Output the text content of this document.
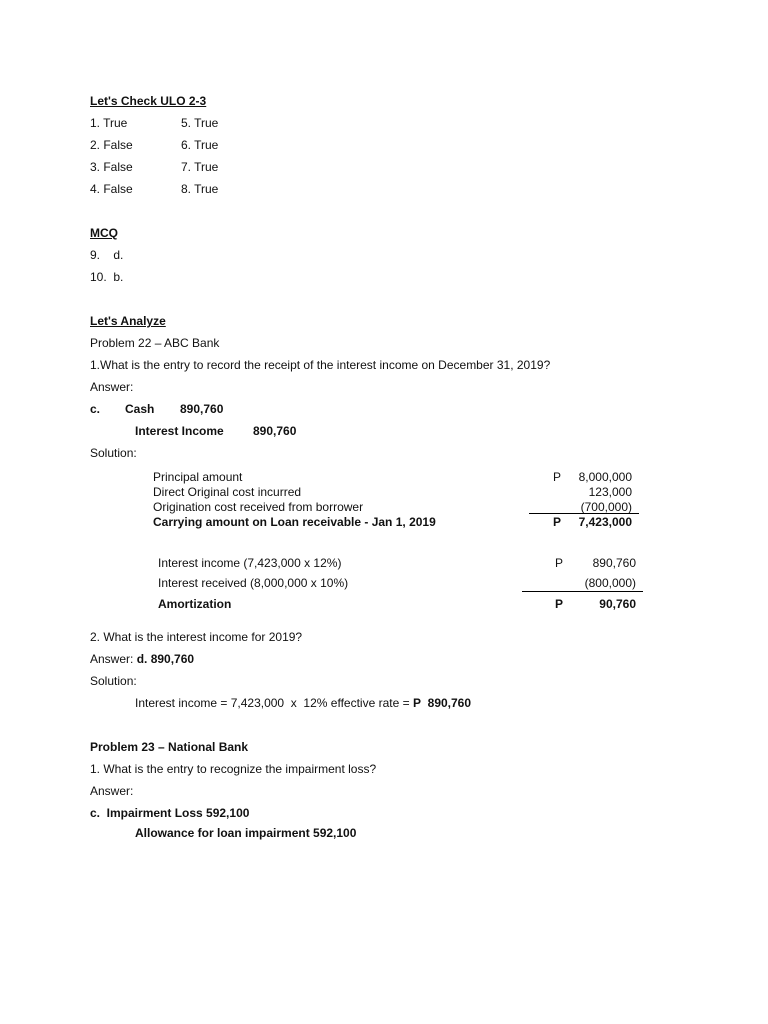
Let's Check ULO 2-3
1. True
2. False
3. False
4. False
5. True
6. True
7. True
8. True
MCQ
9.    d.
10.  b.
Let's Analyze
Problem 22 – ABC Bank
1.What is the entry to record the receipt of the interest income on December 31, 2019?
Answer:
c. Cash 890,760
Interest Income 890,760
Solution:
Principal amount	P	8,000,000
Direct Original cost incurred	123,000
Origination cost received from borrower	(700,000)
Carrying amount on Loan receivable - Jan 1, 2019	P	7,423,000
Interest income (7,423,000 x 12%)	P	890,760
Interest received (8,000,000 x 10%)	(800,000)
Amortization	P	90,760
2. What is the interest income for 2019?
Answer: d. 890,760
Solution:
Interest income = 7,423,000  x  12% effective rate = P 890,760
Problem 23 – National Bank
1. What is the entry to recognize the impairment loss?
Answer:
c.  Impairment Loss 592,100
Allowance for loan impairment 592,100
